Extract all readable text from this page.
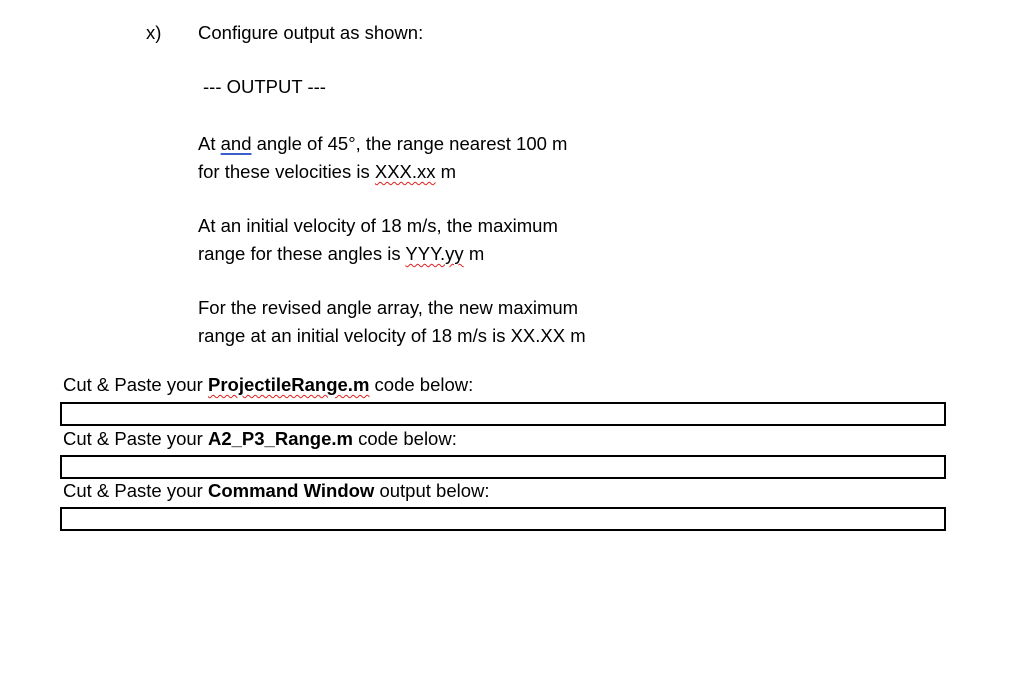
x) Configure output as shown:
--- OUTPUT ---
At and angle of 45°, the range nearest 100 m
for these velocities is XXX.xx m
At an initial velocity of 18 m/s, the maximum
range for these angles is YYY.yy m
For the revised angle array, the new maximum
range at an initial velocity of 18 m/s is XX.XX m
Cut & Paste your ProjectileRange.m code below:
Cut & Paste your A2_P3_Range.m code below:
Cut & Paste your Command Window output below:
